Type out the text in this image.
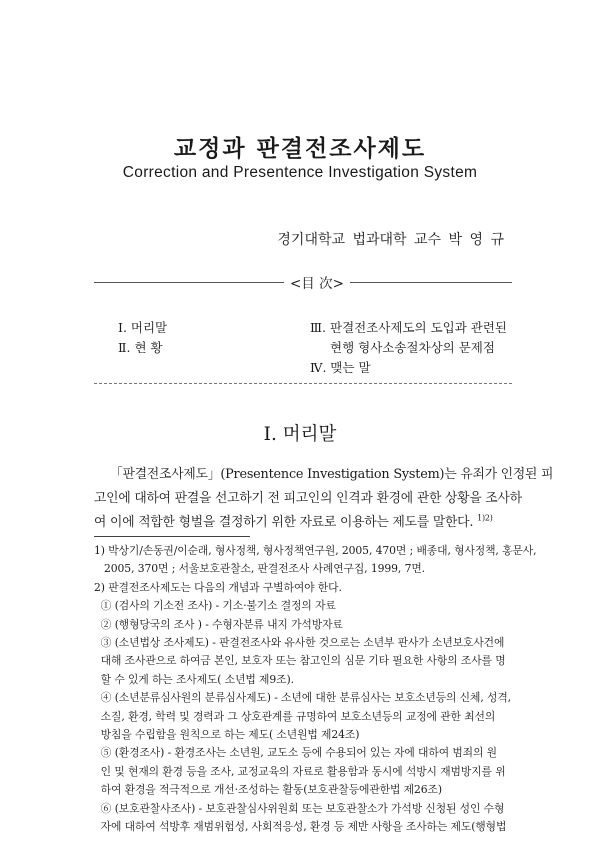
교정과 판결전조사제도
Correction and Presentence Investigation System
경기대학교 법과대학 교수 박 영 규
<目 次>
Ⅰ. 머리말
Ⅱ. 현 황
Ⅲ. 판결전조사제도의 도입과 관련된
현행 형사소송절차상의 문제점
Ⅳ. 맺는 말
Ⅰ. 머리말
「판결전조사제도」(Presentence Investigation System)는 유죄가 인정된 피
고인에 대하여 판결을 선고하기 전 피고인의 인격과 환경에 관한 상황을 조사하
여 이에 적합한 형벌을 결정하기 위한 자료로 이용하는 제도를 말한다. $^{1)2)}$
1) 박상기/손동권/이순래, 형사정책, 형사정책연구원, 2005, 470면 ; 배종대, 형사정책, 홍문사,
2005, 370면 ; 서울보호관찰소, 판결전조사 사례연구집, 1999, 7면.
2) 판결전조사제도는 다음의 개념과 구별하여야 한다.
① (검사의 기소전 조사) - 기소·불기소 결정의 자료
② (행형당국의 조사 ) - 수형자분류 내지 가석방자료
③ (소년법상 조사제도) - 판결전조사와 유사한 것으로는 소년부 판사가 소년보호사건에
대해 조사관으로 하여금 본인, 보호자 또는 참고인의 심문 기타 필요한 사항의 조사를 명
할 수 있게 하는 조사제도( 소년법 제9조).
④ (소년분류심사원의 분류심사제도) - 소년에 대한 분류심사는 보호소년등의 신체, 성격,
소질, 환경, 학력 및 경력과 그 상호관계를 규명하여 보호소년등의 교정에 관한 최선의
방침을 수립함을 원칙으로 하는 제도( 소년원법 제24조)
⑤ (환경조사) - 환경조사는 소년원, 교도소 등에 수용되어 있는 자에 대하여 범죄의 원
인 및 현재의 환경 등을 조사, 교정교육의 자료로 활용함과 동시에 석방시 재범방지를 위
하여 환경을 적극적으로 개선·조성하는 활동(보호관찰등에관한법 제26조)
⑥ (보호관찰사조사) - 보호관찰심사위원회 또는 보호관찰소가 가석방 신청된 성인 수형
자에 대하여 석방후 재범위험성, 사회적응성, 환경 등 제반 사항을 조사하는 제도(행형법
